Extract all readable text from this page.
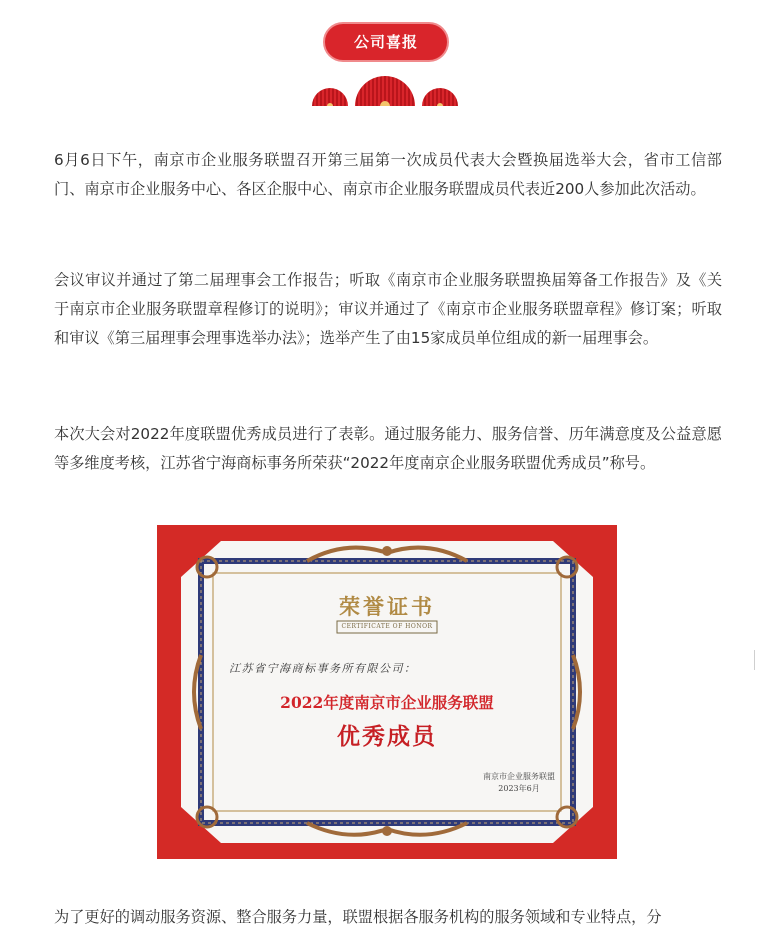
公司喜报

6月6日下午，南京市企业服务联盟召开第三届第一次成员代表大会暨换届选举大会，省市工信部门、南京市企业服务中心、各区企服中心、南京市企业服务联盟成员代表近200人参加此次活动。

会议审议并通过了第二届理事会工作报告；听取《南京市企业服务联盟换届筹备工作报告》及《关于南京市企业服务联盟章程修订的说明》；审议并通过了《南京市企业服务联盟章程》修订案；听取和审议《第三届理事会理事选举办法》；选举产生了由15家成员单位组成的新一届理事会。

本次大会对2022年度联盟优秀成员进行了表彰。通过服务能力、服务信誉、历年满意度及公益意愿等多维度考核，江苏省宁海商标事务所荣获“2022年度南京企业服务联盟优秀成员”称号。

荣誉证书

CERTIFICATE OF HONOR

江苏省宁海商标事务所有限公司：

2022年度南京市企业服务联盟

优秀成员

南京市企业服务联盟
2023年6月

为了更好的调动服务资源、整合服务力量，联盟根据各服务机构的服务领域和专业特点，分
